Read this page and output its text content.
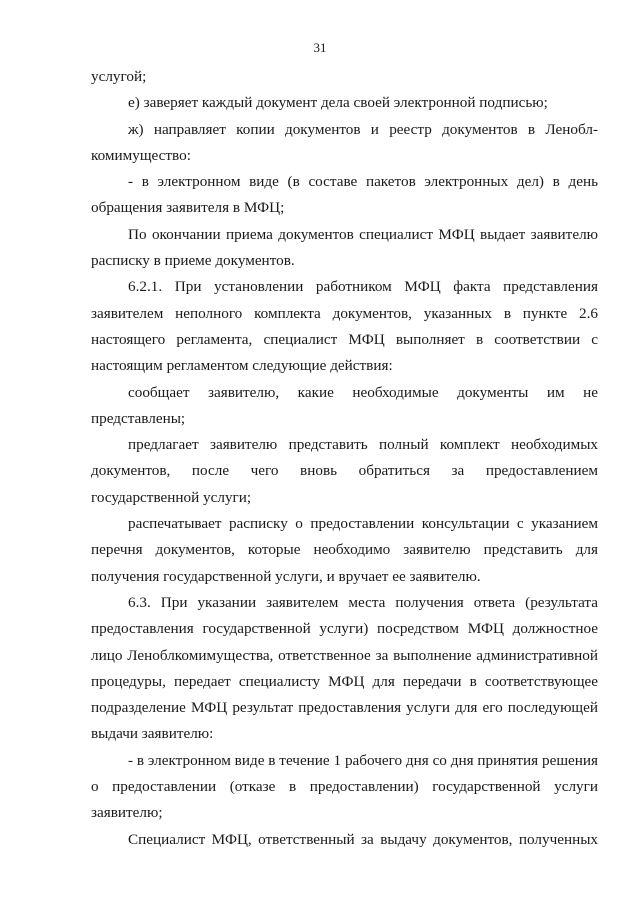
31

услугой;

е) заверяет каждый документ дела своей электронной подписью;

ж) направляет копии документов и реестр документов в Леноблкомимущество:

- в электронном виде (в составе пакетов электронных дел) в день обращения заявителя в МФЦ;

По окончании приема документов специалист МФЦ выдает заявителю расписку в приеме документов.

6.2.1. При установлении работником МФЦ факта представления заявителем неполного комплекта документов, указанных в пункте 2.6 настоящего регламента, специалист МФЦ выполняет в соответствии с настоящим регламентом следующие действия:

сообщает заявителю, какие необходимые документы им не представлены;

предлагает заявителю представить полный комплект необходимых документов, после чего вновь обратиться за предоставлением государственной услуги;

распечатывает расписку о предоставлении консультации с указанием перечня документов, которые необходимо заявителю представить для получения государственной услуги, и вручает ее заявителю.

6.3. При указании заявителем места получения ответа (результата предоставления государственной услуги) посредством МФЦ должностное лицо Леноблкомимущества, ответственное за выполнение административной процедуры, передает специалисту МФЦ для передачи в соответствующее подразделение МФЦ результат предоставления услуги для его последующей выдачи заявителю:

- в электронном виде в течение 1 рабочего дня со дня принятия решения о предоставлении (отказе в предоставлении) государственной услуги заявителю;

Специалист МФЦ, ответственный за выдачу документов, полученных
